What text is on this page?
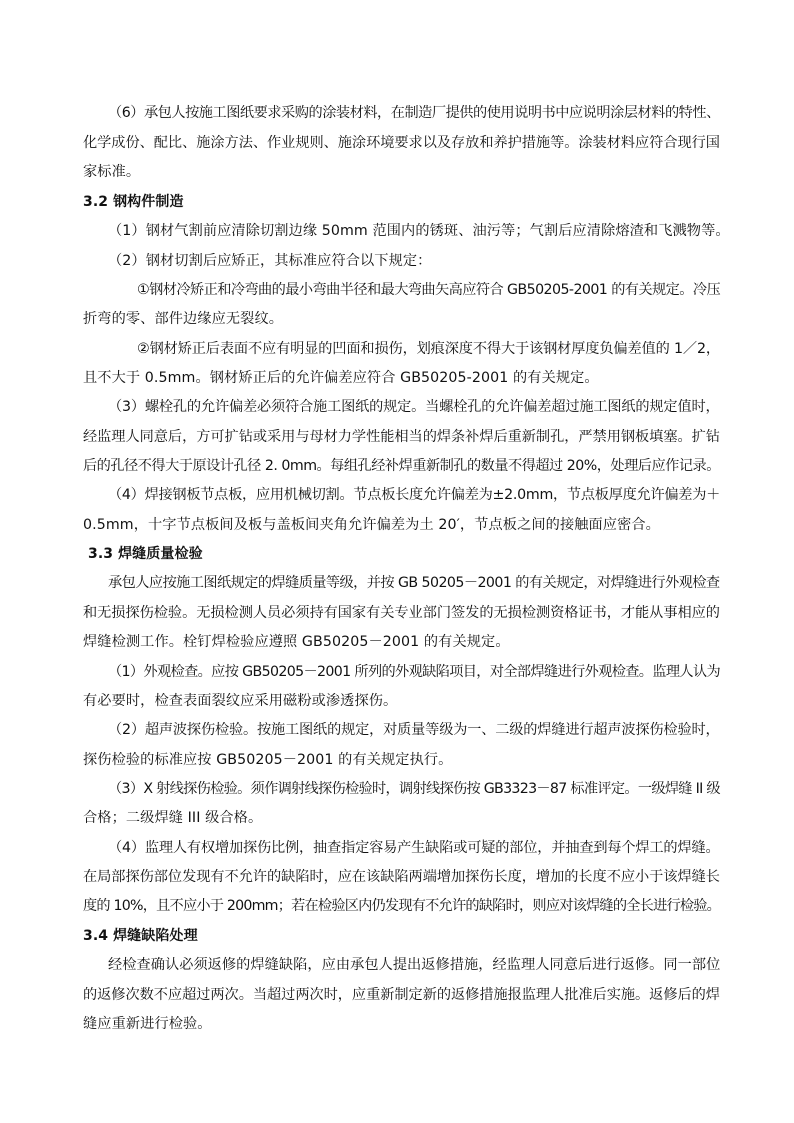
（6）承包人按施工图纸要求采购的涂装材料，在制造厂提供的使用说明书中应说明涂层材料的特性、
化学成份、配比、施涂方法、作业规则、施涂环境要求以及存放和养护措施等。涂装材料应符合现行国
家标准。
3.2 钢构件制造
（1）钢材气割前应清除切割边缘 50mm 范围内的锈斑、油污等；气割后应清除熔渣和飞溅物等。
（2）钢材切割后应矫正，其标准应符合以下规定：
①钢材冷矫正和冷弯曲的最小弯曲半径和最大弯曲矢高应符合 GB50205-2001 的有关规定。冷压
折弯的零、部件边缘应无裂纹。
②钢材矫正后表面不应有明显的凹面和损伤，划痕深度不得大于该钢材厚度负偏差值的 1／2，
且不大于 0.5mm。钢材矫正后的允许偏差应符合 GB50205-2001 的有关规定。
（3）螺栓孔的允许偏差必须符合施工图纸的规定。当螺栓孔的允许偏差超过施工图纸的规定值时，
经监理人同意后，方可扩钻或采用与母材力学性能相当的焊条补焊后重新制孔，严禁用钢板填塞。扩钻
后的孔径不得大于原设计孔径 2. 0mm。每组孔经补焊重新制孔的数量不得超过 20%，处理后应作记录。
（4）焊接钢板节点板，应用机械切割。节点板长度允许偏差为±2.0mm，节点板厚度允许偏差为＋
0.5mm，十字节点板间及板与盖板间夹角允许偏差为土 20′，节点板之间的接触面应密合。
3.3 焊缝质量检验
承包人应按施工图纸规定的焊缝质量等级，并按 GB 50205－2001 的有关规定，对焊缝进行外观检查
和无损探伤检验。无损检测人员必须持有国家有关专业部门签发的无损检测资格证书，才能从事相应的
焊缝检测工作。栓钉焊检验应遵照 GB50205－2001 的有关规定。
（1）外观检查。应按 GB50205－2001 所列的外观缺陷项目，对全部焊缝进行外观检查。监理人认为
有必要时，检查表面裂纹应采用磁粉或渗透探伤。
（2）超声波探伤检验。按施工图纸的规定，对质量等级为一、二级的焊缝进行超声波探伤检验时，
探伤检验的标准应按 GB50205－2001 的有关规定执行。
（3）X 射线探伤检验。须作调射线探伤检验时，调射线探伤按 GB3323－87 标准评定。一级焊缝 II 级
合格；二级焊缝 III 级合格。
（4）监理人有权增加探伤比例，抽查指定容易产生缺陷或可疑的部位，并抽查到每个焊工的焊缝。
在局部探伤部位发现有不允许的缺陷时，应在该缺陷两端增加探伤长度，增加的长度不应小于该焊缝长
度的 10%，且不应小于 200mm；若在检验区内仍发现有不允许的缺陷时，则应对该焊缝的全长进行检验。
3.4 焊缝缺陷处理
经检查确认必须返修的焊缝缺陷，应由承包人提出返修措施，经监理人同意后进行返修。同一部位
的返修次数不应超过两次。当超过两次时，应重新制定新的返修措施报监理人批准后实施。返修后的焊
缝应重新进行检验。
